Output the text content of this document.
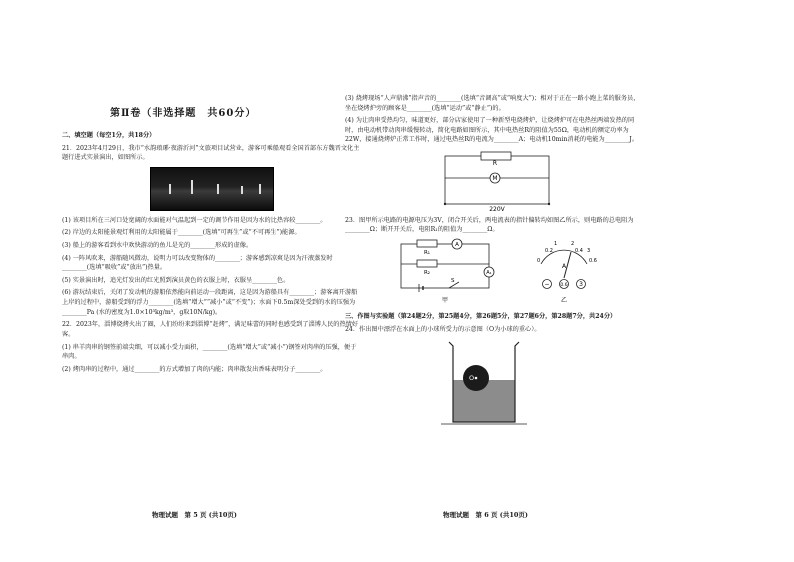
第Ⅱ卷（非选择题　共60分）
二、填空题（每空1分，共18分）
21．2023年4月29日，我市“水韵琅琊·夜游沂河”文旅项目试营业，游客可乘船观看全国首部东方魏晋文化主题行进式实景演出，如图所示。
(1) 该项目所在三河口处宽阔的水面能对气温起到一定的调节作用是因为水的比热容较________。
(2) 岸边的太阳能景观灯利用的太阳能属于________(选填“可再生”或“不可再生”)能源。
(3) 船上的游客看到水中欢快游动的鱼儿是光的________形成的虚像。
(4) 一阵风吹来，游船随风微动，说明力可以改变物体的________；游客感到凉爽是因为汗液蒸发时________(选填“吸收”或“放出”)热量。
(5) 实景演出时，追光灯发出的红光照到演员黄色的衣服上时，衣服呈________色。
(6) 游玩结束后，关闭了发动机的游船依然能向前运动一段距离，这是因为游船具有________；游客离开游船上岸的过程中，游船受到的浮力________(选填“增大”“减小”或“不变”)；水面下0.5m深处受到的水的压强为________Pa (水的密度为1.0×10³kg/m³，g取10N/kg)。
22．2023年，淄博烧烤火出了圈，人们纷纷来到淄博“赶烤”，满足味蕾的同时也感受到了淄博人民的热情好客。
(1) 串羊肉串的钢签前端尖细，可以减小受力面积，________(选填“增大”或“减小”)钢签对肉串的压强，便于串肉。
(2) 烤肉串的过程中，通过________的方式增加了肉的内能；肉串散发出香味表明分子________。
物理试题　第 5 页 (共10页)
(3) 烧烤现场“人声鼎沸”指声音的________(选填“音调高”或“响度大”)；相对于正在一路小跑上菜的服务员，坐在烧烤炉旁的顾客是________(选填“运动”或“静止”)的。
(4) 为让肉串受热均匀，味道更好，部分店家使用了一种新型电烧烤炉，让烧烤炉可在电热丝两端发热的同时，由电动机带动肉串缓慢转动，简化电路如图所示，其中电热丝R的阻值为55Ω，电动机的额定功率为22W，接通烧烤炉正常工作时，通过电热丝R的电流为________A；电动机10min消耗的电能为________J。
R
M
220V
23．图甲所示电路的电源电压为3V，闭合开关后，两电流表的指针偏转均如图乙所示，则电路的总电阻为________Ω；断开开关后，电阻R₁的阻值为________Ω。
R₁
R₂
A
A₁
S
甲
0
0.2
1	2
0.4 3
0.6
A
− 0.6 3
乙
三、作图与实验题（第24题2分，第25题4分，第26题5分，第27题6分，第28题7分，共24分）
24．作出图中漂浮在水面上的小球所受力的示意图（O为小球的重心）。
O
物理试题　第 6 页 (共10页)
